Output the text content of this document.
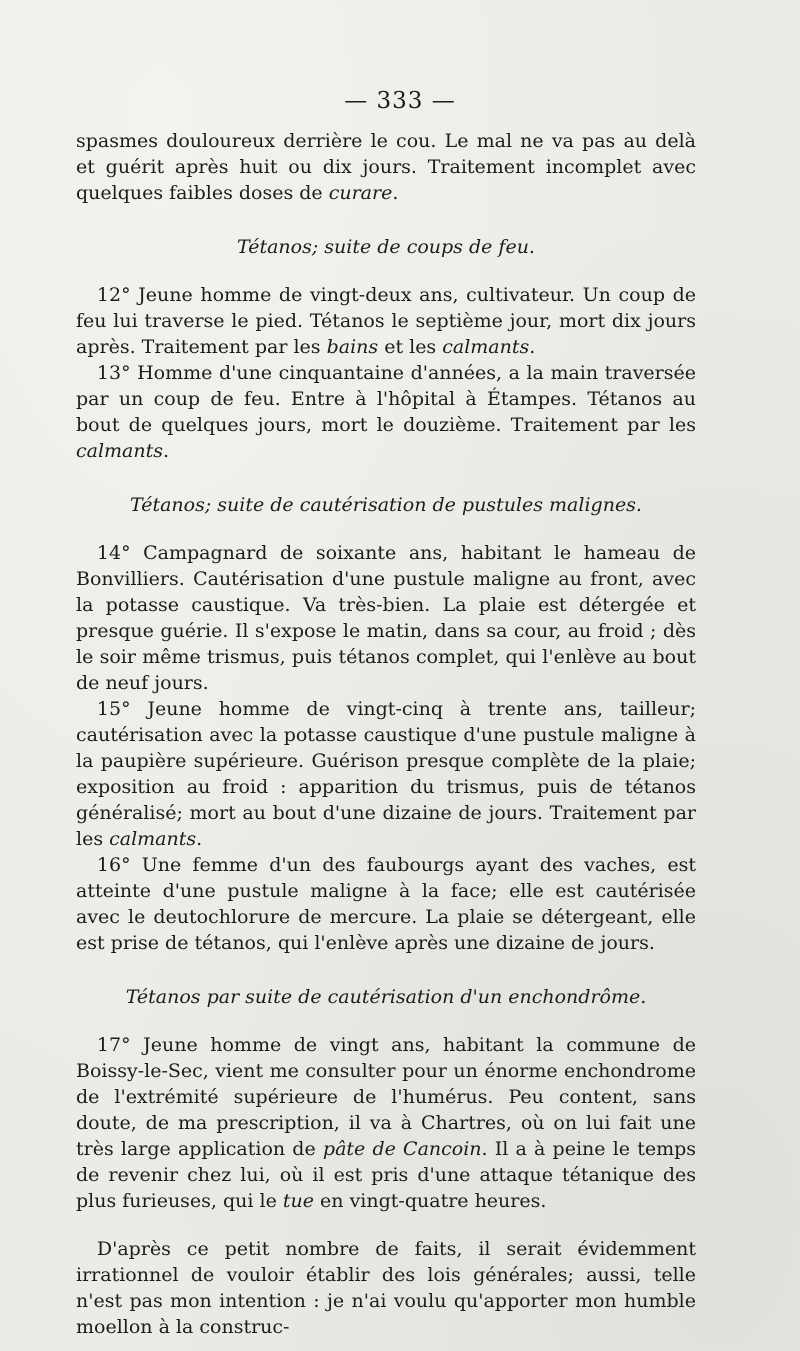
— 333 —

spasmes douloureux derrière le cou. Le mal ne va pas au delà et guérit après huit ou dix jours. Traitement incomplet avec quelques faibles doses de curare.

Tétanos; suite de coups de feu.

12° Jeune homme de vingt-deux ans, cultivateur. Un coup de feu lui traverse le pied. Tétanos le septième jour, mort dix jours après. Traitement par les bains et les calmants.

13° Homme d'une cinquantaine d'années, a la main traversée par un coup de feu. Entre à l'hôpital à Étampes. Tétanos au bout de quelques jours, mort le douzième. Traitement par les calmants.

Tétanos; suite de cautérisation de pustules malignes.

14° Campagnard de soixante ans, habitant le hameau de Bonvilliers. Cautérisation d'une pustule maligne au front, avec la potasse caustique. Va très-bien. La plaie est détergée et presque guérie. Il s'expose le matin, dans sa cour, au froid ; dès le soir même trismus, puis tétanos complet, qui l'enlève au bout de neuf jours.

15° Jeune homme de vingt-cinq à trente ans, tailleur; cautérisation avec la potasse caustique d'une pustule maligne à la paupière supérieure. Guérison presque complète de la plaie; exposition au froid : apparition du trismus, puis de tétanos généralisé; mort au bout d'une dizaine de jours. Traitement par les calmants.

16° Une femme d'un des faubourgs ayant des vaches, est atteinte d'une pustule maligne à la face; elle est cautérisée avec le deutochlorure de mercure. La plaie se détergeant, elle est prise de tétanos, qui l'enlève après une dizaine de jours.

Tétanos par suite de cautérisation d'un enchondrôme.

17° Jeune homme de vingt ans, habitant la commune de Boissy-le-Sec, vient me consulter pour un énorme enchondrome de l'extrémité supérieure de l'humérus. Peu content, sans doute, de ma prescription, il va à Chartres, où on lui fait une très large application de pâte de Cancoin. Il a à peine le temps de revenir chez lui, où il est pris d'une attaque tétanique des plus furieuses, qui le tue en vingt-quatre heures.

D'après ce petit nombre de faits, il serait évidemment irrationnel de vouloir établir des lois générales; aussi, telle n'est pas mon intention : je n'ai voulu qu'apporter mon humble moellon à la construc-
